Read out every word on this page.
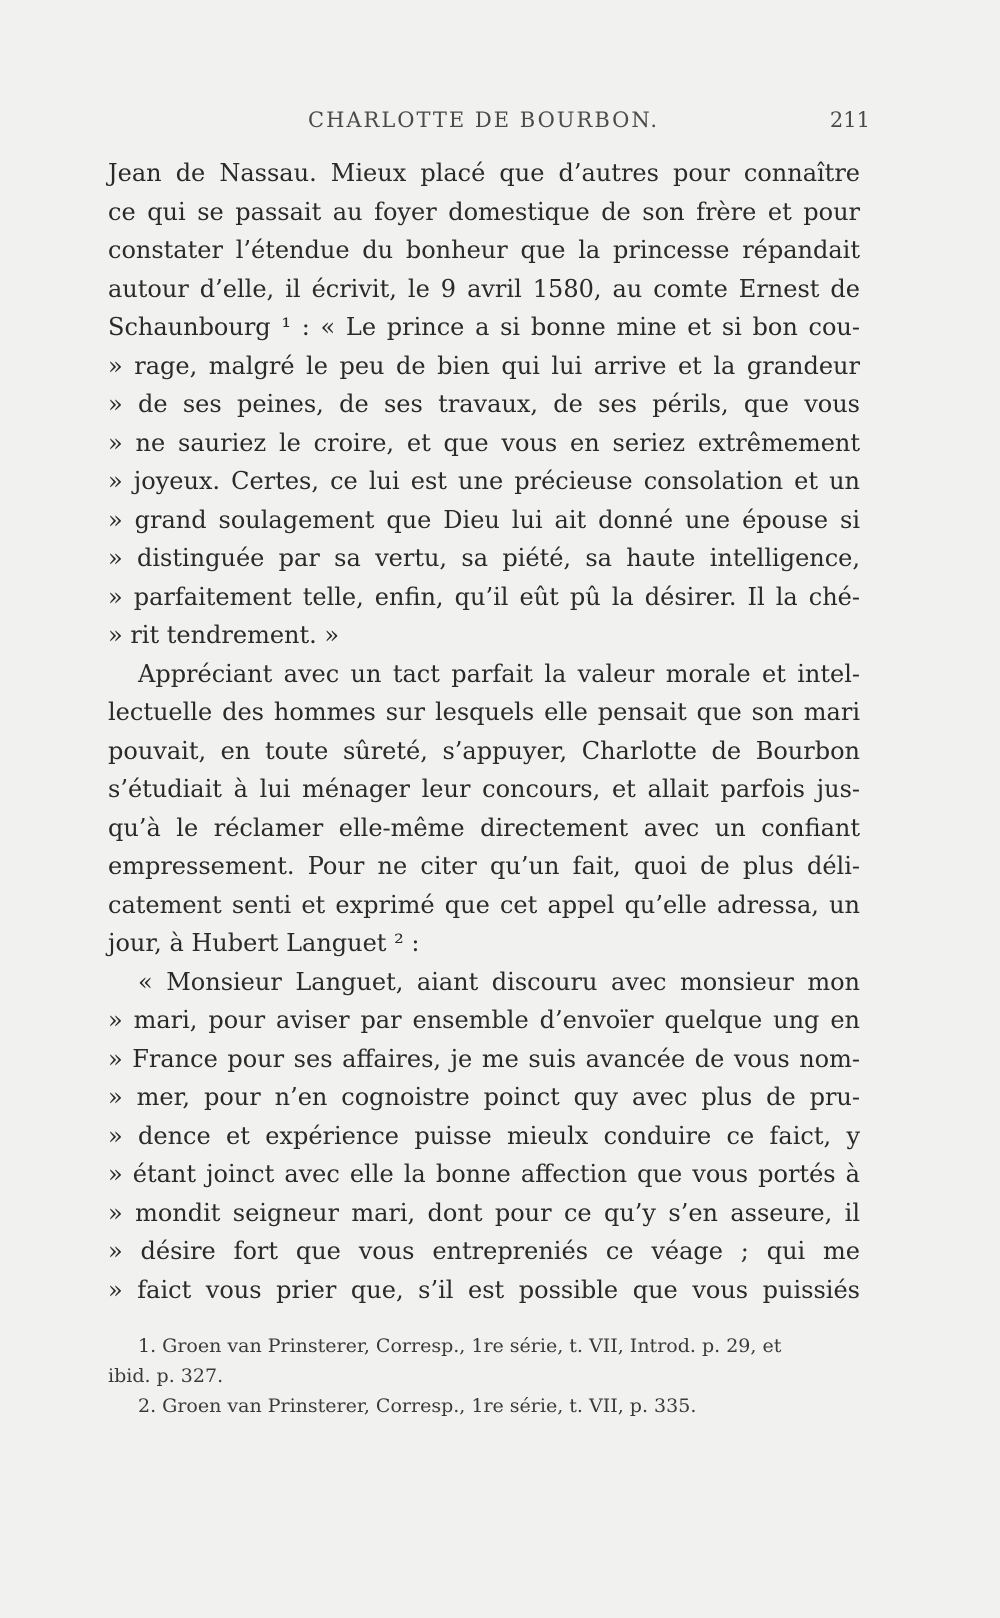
CHARLOTTE DE BOURBON.	211
Jean de Nassau. Mieux placé que d’autres pour connaître
ce qui se passait au foyer domestique de son frère et pour
constater l’étendue du bonheur que la princesse répandait
autour d’elle, il écrivit, le 9 avril 1580, au comte Ernest de
Schaunbourg ¹ : « Le prince a si bonne mine et si bon cou-
» rage, malgré le peu de bien qui lui arrive et la grandeur
» de ses peines, de ses travaux, de ses périls, que vous
» ne sauriez le croire, et que vous en seriez extrêmement
» joyeux. Certes, ce lui est une précieuse consolation et un
» grand soulagement que Dieu lui ait donné une épouse si
» distinguée par sa vertu, sa piété, sa haute intelligence,
» parfaitement telle, enfin, qu’il eût pû la désirer. Il la ché-
» rit tendrement. »
Appréciant avec un tact parfait la valeur morale et intel-
lectuelle des hommes sur lesquels elle pensait que son mari
pouvait, en toute sûreté, s’appuyer, Charlotte de Bourbon
s’étudiait à lui ménager leur concours, et allait parfois jus-
qu’à le réclamer elle-même directement avec un confiant
empressement. Pour ne citer qu’un fait, quoi de plus déli-
catement senti et exprimé que cet appel qu’elle adressa, un
jour, à Hubert Languet ² :
« Monsieur Languet, aiant discouru avec monsieur mon
» mari, pour aviser par ensemble d’envoïer quelque ung en
» France pour ses affaires, je me suis avancée de vous nom-
» mer, pour n’en cognoistre poinct quy avec plus de pru-
» dence et expérience puisse mieulx conduire ce faict, y
» étant joinct avec elle la bonne affection que vous portés à
» mondit seigneur mari, dont pour ce qu’y s’en asseure, il
» désire fort que vous entrepreniés ce véage ; qui me
» faict vous prier que, s’il est possible que vous puissiés
1. Groen van Prinsterer, Corresp., 1re série, t. VII, Introd. p. 29, et
ibid. p. 327.
2. Groen van Prinsterer, Corresp., 1re série, t. VII, p. 335.
